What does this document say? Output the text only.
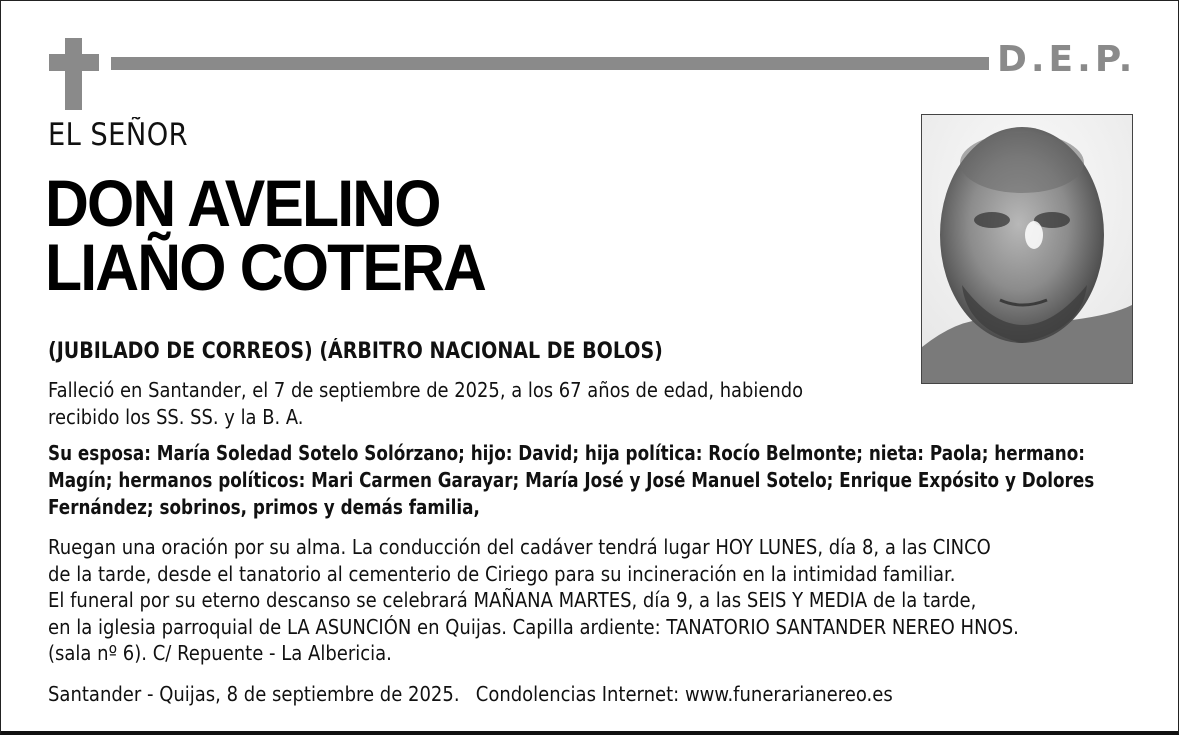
D.E.P.
EL SEÑOR
DON AVELINO
LIAÑO COTERA
(JUBILADO DE CORREOS) (ÁRBITRO NACIONAL DE BOLOS)
Falleció en Santander, el 7 de septiembre de 2025, a los 67 años de edad, habiendo
recibido los SS. SS. y la B. A.
Su esposa: María Soledad Sotelo Solórzano; hijo: David; hija política: Rocío Belmonte; nieta: Paola; hermano:
Magín; hermanos políticos: Mari Carmen Garayar; María José y José Manuel Sotelo; Enrique Expósito y Dolores
Fernández; sobrinos, primos y demás familia,
Ruegan una oración por su alma. La conducción del cadáver tendrá lugar HOY LUNES, día 8, a las CINCO
de la tarde, desde el tanatorio al cementerio de Ciriego para su incineración en la intimidad familiar.
El funeral por su eterno descanso se celebrará MAÑANA MARTES, día 9, a las SEIS Y MEDIA de la tarde,
en la iglesia parroquial de LA ASUNCIÓN en Quijas. Capilla ardiente: TANATORIO SANTANDER NEREO HNOS.
(sala nº 6). C/ Repuente - La Albericia.
Santander - Quijas, 8 de septiembre de 2025. Condolencias Internet: www.funerarianereo.es
